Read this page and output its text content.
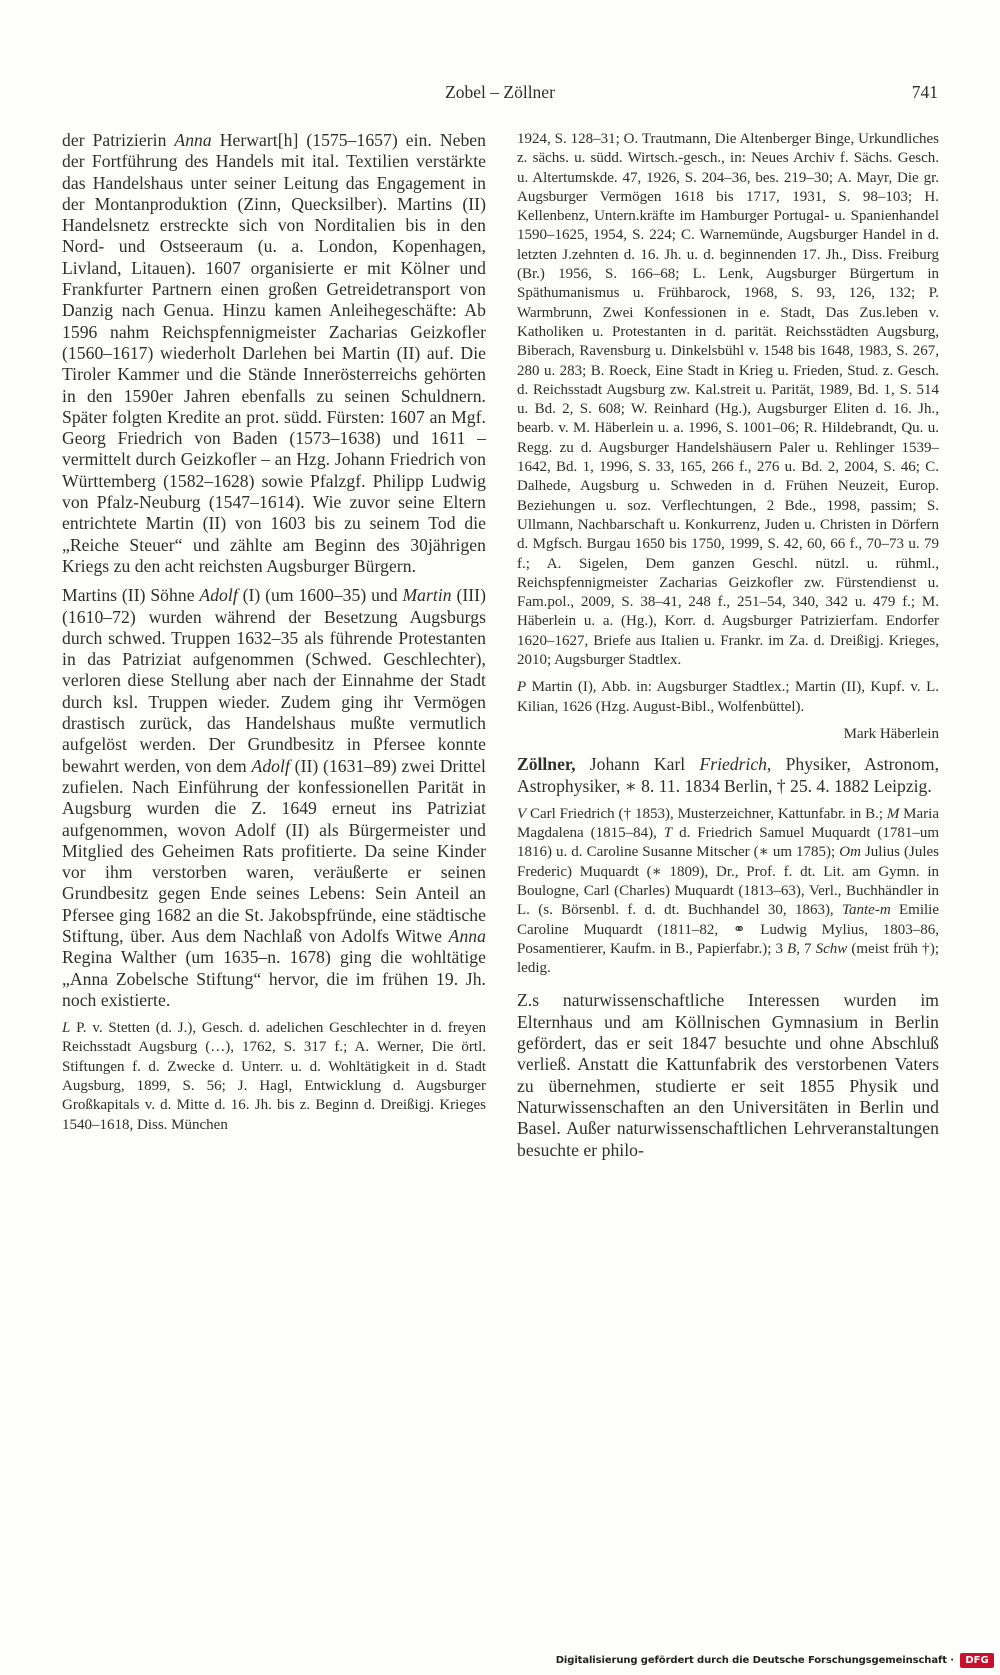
Zobel – Zöllner	741

der Patrizierin Anna Herwart[h] (1575–1657) ein. Neben der Fortführung des Handels mit ital. Textilien verstärkte das Handelshaus unter seiner Leitung das Engagement in der Montanproduktion (Zinn, Quecksilber). Martins (II) Handelsnetz erstreckte sich von Norditalien bis in den Nord- und Ostseeraum (u. a. London, Kopenhagen, Livland, Litauen). 1607 organisierte er mit Kölner und Frankfurter Partnern einen großen Getreidetransport von Danzig nach Genua. Hinzu kamen Anleihegeschäfte: Ab 1596 nahm Reichspfennigmeister Zacharias Geizkofler (1560–1617) wiederholt Darlehen bei Martin (II) auf. Die Tiroler Kammer und die Stände Innerösterreichs gehörten in den 1590er Jahren ebenfalls zu seinen Schuldnern. Später folgten Kredite an prot. südd. Fürsten: 1607 an Mgf. Georg Friedrich von Baden (1573–1638) und 1611 – vermittelt durch Geizkofler – an Hzg. Johann Friedrich von Württemberg (1582–1628) sowie Pfalzgf. Philipp Ludwig von Pfalz-Neuburg (1547–1614). Wie zuvor seine Eltern entrichtete Martin (II) von 1603 bis zu seinem Tod die „Reiche Steuer“ und zählte am Beginn des 30jährigen Kriegs zu den acht reichsten Augsburger Bürgern.

Martins (II) Söhne Adolf (I) (um 1600–35) und Martin (III) (1610–72) wurden während der Besetzung Augsburgs durch schwed. Truppen 1632–35 als führende Protestanten in das Patriziat aufgenommen (Schwed. Geschlechter), verloren diese Stellung aber nach der Einnahme der Stadt durch ksl. Truppen wieder. Zudem ging ihr Vermögen drastisch zurück, das Handelshaus mußte vermutlich aufgelöst werden. Der Grundbesitz in Pfersee konnte bewahrt werden, von dem Adolf (II) (1631–89) zwei Drittel zufielen. Nach Einführung der konfessionellen Parität in Augsburg wurden die Z. 1649 erneut ins Patriziat aufgenommen, wovon Adolf (II) als Bürgermeister und Mitglied des Geheimen Rats profitierte. Da seine Kinder vor ihm verstorben waren, veräußerte er seinen Grundbesitz gegen Ende seines Lebens: Sein Anteil an Pfersee ging 1682 an die St. Jakobspfründe, eine städtische Stiftung, über. Aus dem Nachlaß von Adolfs Witwe Anna Regina Walther (um 1635–n. 1678) ging die wohltätige „Anna Zobelsche Stiftung“ hervor, die im frühen 19. Jh. noch existierte.

L P. v. Stetten (d. J.), Gesch. d. adelichen Geschlechter in d. freyen Reichsstadt Augsburg (…), 1762, S. 317 f.; A. Werner, Die örtl. Stiftungen f. d. Zwecke d. Unterr. u. d. Wohltätigkeit in d. Stadt Augsburg, 1899, S. 56; J. Hagl, Entwicklung d. Augsburger Großkapitals v. d. Mitte d. 16. Jh. bis z. Beginn d. Dreißigj. Krieges 1540–1618, Diss. München

1924, S. 128–31; O. Trautmann, Die Altenberger Binge, Urkundliches z. sächs. u. südd. Wirtsch.-gesch., in: Neues Archiv f. Sächs. Gesch. u. Altertumskde. 47, 1926, S. 204–36, bes. 219–30; A. Mayr, Die gr. Augsburger Vermögen 1618 bis 1717, 1931, S. 98–103; H. Kellenbenz, Untern.kräfte im Hamburger Portugal- u. Spanienhandel 1590–1625, 1954, S. 224; C. Warnemünde, Augsburger Handel in d. letzten J.zehnten d. 16. Jh. u. d. beginnenden 17. Jh., Diss. Freiburg (Br.) 1956, S. 166–68; L. Lenk, Augsburger Bürgertum in Späthumanismus u. Frühbarock, 1968, S. 93, 126, 132; P. Warmbrunn, Zwei Konfessionen in e. Stadt, Das Zus.leben v. Katholiken u. Protestanten in d. parität. Reichsstädten Augsburg, Biberach, Ravensburg u. Dinkelsbühl v. 1548 bis 1648, 1983, S. 267, 280 u. 283; B. Roeck, Eine Stadt in Krieg u. Frieden, Stud. z. Gesch. d. Reichsstadt Augsburg zw. Kal.streit u. Parität, 1989, Bd. 1, S. 514 u. Bd. 2, S. 608; W. Reinhard (Hg.), Augsburger Eliten d. 16. Jh., bearb. v. M. Häberlein u. a. 1996, S. 1001–06; R. Hildebrandt, Qu. u. Regg. zu d. Augsburger Handelshäusern Paler u. Rehlinger 1539–1642, Bd. 1, 1996, S. 33, 165, 266 f., 276 u. Bd. 2, 2004, S. 46; C. Dalhede, Augsburg u. Schweden in d. Frühen Neuzeit, Europ. Beziehungen u. soz. Verflechtungen, 2 Bde., 1998, passim; S. Ullmann, Nachbarschaft u. Konkurrenz, Juden u. Christen in Dörfern d. Mgfsch. Burgau 1650 bis 1750, 1999, S. 42, 60, 66 f., 70–73 u. 79 f.; A. Sigelen, Dem ganzen Geschl. nützl. u. rühml., Reichspfennigmeister Zacharias Geizkofler zw. Fürstendienst u. Fam.pol., 2009, S. 38–41, 248 f., 251–54, 340, 342 u. 479 f.; M. Häberlein u. a. (Hg.), Korr. d. Augsburger Patrizierfam. Endorfer 1620–1627, Briefe aus Italien u. Frankr. im Za. d. Dreißigj. Krieges, 2010; Augsburger Stadtlex.

P Martin (I), Abb. in: Augsburger Stadtlex.; Martin (II), Kupf. v. L. Kilian, 1626 (Hzg. August-Bibl., Wolfenbüttel).

Mark Häberlein

Zöllner, Johann Karl Friedrich, Physiker, Astronom, Astrophysiker, ∗ 8. 11. 1834 Berlin, † 25. 4. 1882 Leipzig.

V Carl Friedrich († 1853), Musterzeichner, Kattunfabr. in B.; M Maria Magdalena (1815–84), T d. Friedrich Samuel Muquardt (1781–um 1816) u. d. Caroline Susanne Mitscher (∗ um 1785); Om Julius (Jules Frederic) Muquardt (∗ 1809), Dr., Prof. f. dt. Lit. am Gymn. in Boulogne, Carl (Charles) Muquardt (1813–63), Verl., Buchhändler in L. (s. Börsenbl. f. d. dt. Buchhandel 30, 1863), Tante-m Emilie Caroline Muquardt (1811–82, ⚭ Ludwig Mylius, 1803–86, Posamentierer, Kaufm. in B., Papierfabr.); 3 B, 7 Schw (meist früh †); ledig.

Z.s naturwissenschaftliche Interessen wurden im Elternhaus und am Köllnischen Gymnasium in Berlin gefördert, das er seit 1847 besuchte und ohne Abschluß verließ. Anstatt die Kattunfabrik des verstorbenen Vaters zu übernehmen, studierte er seit 1855 Physik und Naturwissenschaften an den Universitäten in Berlin und Basel. Außer naturwissenschaftlichen Lehrveranstaltungen besuchte er philo-

Digitalisierung gefördert durch die Deutsche Forschungsgemeinschaft ·	DFG
